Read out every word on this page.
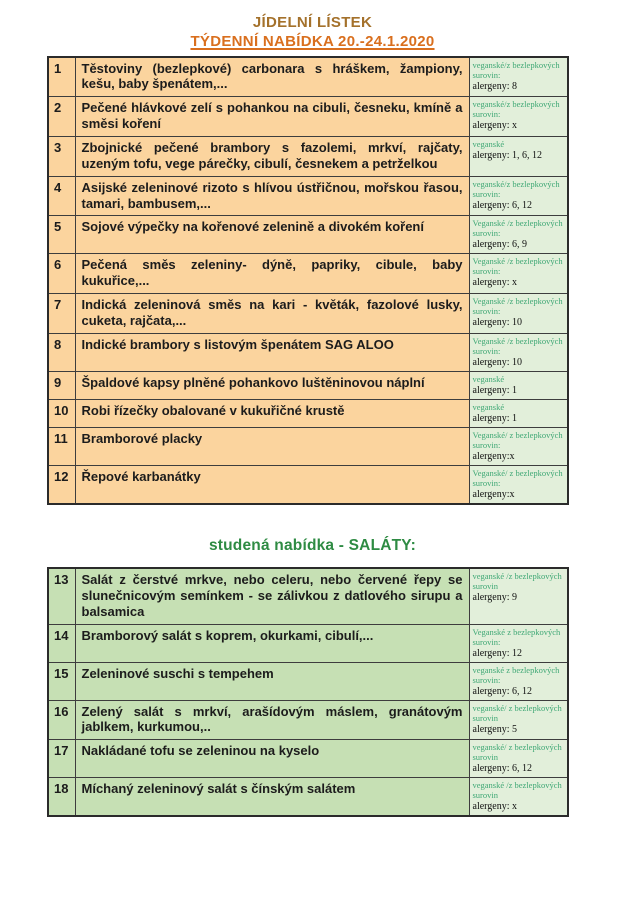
JÍDELNÍ LÍSTEK
TÝDENNÍ NABÍDKA 20.-24.1.2020
1	Těstoviny (bezlepkové) carbonara s hráškem, žampiony, kešu, baby špenátem,...	veganské/z bezlepkových surovin:
alergeny: 8

2	Pečené hlávkové zelí s pohankou na cibuli, česneku, kmíně a směsi koření	veganské/z bezlepkových surovin:
alergeny: x

3	Zbojnické pečené brambory s fazolemi, mrkví, rajčaty, uzeným tofu, vege párečky, cibulí, česnekem a petrželkou	veganské
alergeny: 1, 6, 12

4	Asijské zeleninové rizoto s hlívou ústřičnou, mořskou řasou, tamari, bambusem,...	veganské/z bezlepkových surovin:
alergeny: 6, 12

5	Sojové výpečky na kořenové zelenině a divokém koření	Veganské /z bezlepkových surovin:
alergeny: 6, 9

6	Pečená směs zeleniny- dýně, papriky, cibule, baby kukuřice,...	Veganské /z bezlepkových surovin:
alergeny: x

7	Indická zeleninová směs na kari - květák, fazolové lusky, cuketa, rajčata,...	Veganské /z bezlepkových surovin:
alergeny: 10

8	Indické brambory s listovým špenátem SAG ALOO	Veganské /z bezlepkových surovin:
alergeny: 10

9	Špaldové kapsy plněné pohankovo luštěninovou náplní	veganské
alergeny: 1

10	Robi řízečky obalované v kukuřičné krustě	veganské
alergeny: 1

11	Bramborové placky	Veganské/ z bezlepkových surovin:
alergeny:x

12	Řepové karbanátky	Veganské/ z bezlepkových surovin:
alergeny:x
studená nabídka - SALÁTY:
13	Salát z čerstvé mrkve, nebo celeru, nebo červené řepy se slunečnicovým semínkem - se zálivkou z datlového sirupu a balsamica	veganské /z bezlepkových surovin
alergeny: 9

14	Bramborový salát s koprem, okurkami, cibulí,...	Veganské z bezlepkových surovin:
alergeny: 12

15	Zeleninové suschi s tempehem	veganské z bezlepkových surovin:
alergeny: 6, 12

16	Zelený salát s mrkví, arašídovým máslem, granátovým jablkem, kurkumou,..	veganské/ z bezlepkových surovin
alergeny: 5

17	Nakládané tofu se zeleninou na kyselo	veganské/ z bezlepkových surovin
alergeny: 6, 12

18	Míchaný zeleninový salát s čínským salátem	veganské /z bezlepkových surovin
alergeny: x
